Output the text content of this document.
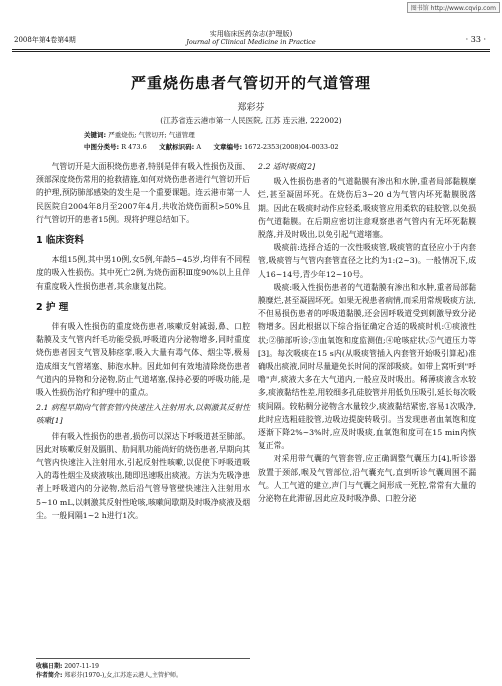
图书馆 http://www.cqvip.com
2008年第4卷第4期
实用临床医药杂志(护理版)
Journal of Clinical Medicine in Practice	· 33 ·
严重烧伤患者气管切开的气道管理
郑彩芬
(江苏省连云港市第一人民医院, 江苏 连云港, 222002)
关键词: 严重烧伤; 气管切开; 气道管理
中图分类号: R 473.6 文献标识码: A 文章编号: 1672-2353(2008)04-0033-02

气管切开是大面积烧伤患者,特别是伴有吸入性损伤及面、颈部深度烧伤常用的抢救措施,如何对烧伤患者进行气管切开后的护理,预防肺部感染的发生是一个重要课题。连云港市第一人民医院自2004年8月至2007年4月,共收治烧伤面积>50%且行气管切开的患者15例。现将护理总结如下。

1 临床资料

本组15例,其中男10例,女5例,年龄5~45岁,均伴有不同程度的吸入性损伤。其中死亡2例,为烧伤面积Ⅲ度90%以上且伴有重度吸入性损伤患者,其余康复出院。

2 护 理

伴有吸入性损伤的重度烧伤患者,咳嗽反射减弱,鼻、口腔黏膜及支气管内纤毛功能受损,呼吸道内分泌物增多,同时重度烧伤患者因支气管及肺痉挛,吸入大量有毒气体、烟尘等,极易造成细支气管堵塞、肺泡水肿。因此如何有效地清除烧伤患者气道内的异物和分泌物,防止气道堵塞,保持必要的呼吸功能,是吸入性损伤治疗和护理中的重点。

2.1 病程早期向气管套管内快速注入注射用水,以刺激其反射性咳嗽[1]

伴有吸入性损伤的患者,损伤可以深达下呼吸道甚至肺部。因此对咳嗽反射及膈肌、肋间肌功能尚好的烧伤患者,早期向其气管内快速注入注射用水,引起反射性咳嗽,以促使下呼吸道吸入的毒性烟尘及痰液咳出,随即迅速吸出痰液。方法为先吸净患者上呼吸道内的分泌物,然后沿气管导管壁快速注入注射用水5~10 mL,以刺激其反射性呛咳,咳嗽间歇期及时吸净痰液及烟尘。一般间隔1~2 h进行1次。

2.2 适时吸痰[2]

吸入性损伤患者的气道黏膜有渗出和水肿,重者局部黏膜糜烂,甚至凝固坏死。在烧伤后3~20 d为气管内坏死黏膜脱落期。因此在吸痰时动作应轻柔,吸痰管应用柔软的硅胶管,以免损伤气道黏膜。在后期应密切注意观察患者气管内有无坏死黏膜脱落,并及时吸出,以免引起气道堵塞。

吸痰前:选择合适的一次性吸痰管,吸痰管的直径应小于内套管,吸痰管与气管内套管直径之比约为1:(2~3)。一般情况下,成人16~14号,青少年12~10号。

吸痰:吸入性损伤患者的气道黏膜有渗出和水肿,重者局部黏膜糜烂,甚至凝固坏死。如果无视患者病情,而采用常规吸痰方法,不但易损伤患者的呼吸道黏膜,还会因呼吸道受到刺激导致分泌物增多。因此根据以下综合指征确定合适的吸痰时机:①痰液性状;②肺部听诊;③血氧饱和度监测值;④呛咳症状;⑤气道压力等[3]。每次吸痰在15 s内(从吸痰管插入内套管开始吸引算起)准确吸出痰液,同时尽量避免长时间的深部吸痰。如带上窝听到"呼噜"声,痰液大多在大气道内,一般应及时吸出。稀薄痰液含水较多,痰液黏结性差,用较细多孔硅胶管并用低负压吸引,延长每次吸痰间隔。较粘稠分泌物含水量较少,痰液黏结紧密,容易1次吸净,此时应选粗硅胶管,边吸边提旋转吸引。当发现患者血氧饱和度逐渐下降2%~3%时,应及时吸痰,血氧饱和度可在15 min内恢复正常。

对采用带气囊的气管套管,应正确调整气囊压力[4],听诊器放置于颈部,喉及气管部位,沿气囊充气,直到听诊气囊周围不漏气。人工气道的建立,声门与气囊之间形成一死腔,常常有大量的分泌物在此滞留,因此应及时吸净鼻、口腔分泌

收稿日期: 2007-11-19
作者简介: 郑彩芬(1970-),女,江苏连云港人,主管护师。
